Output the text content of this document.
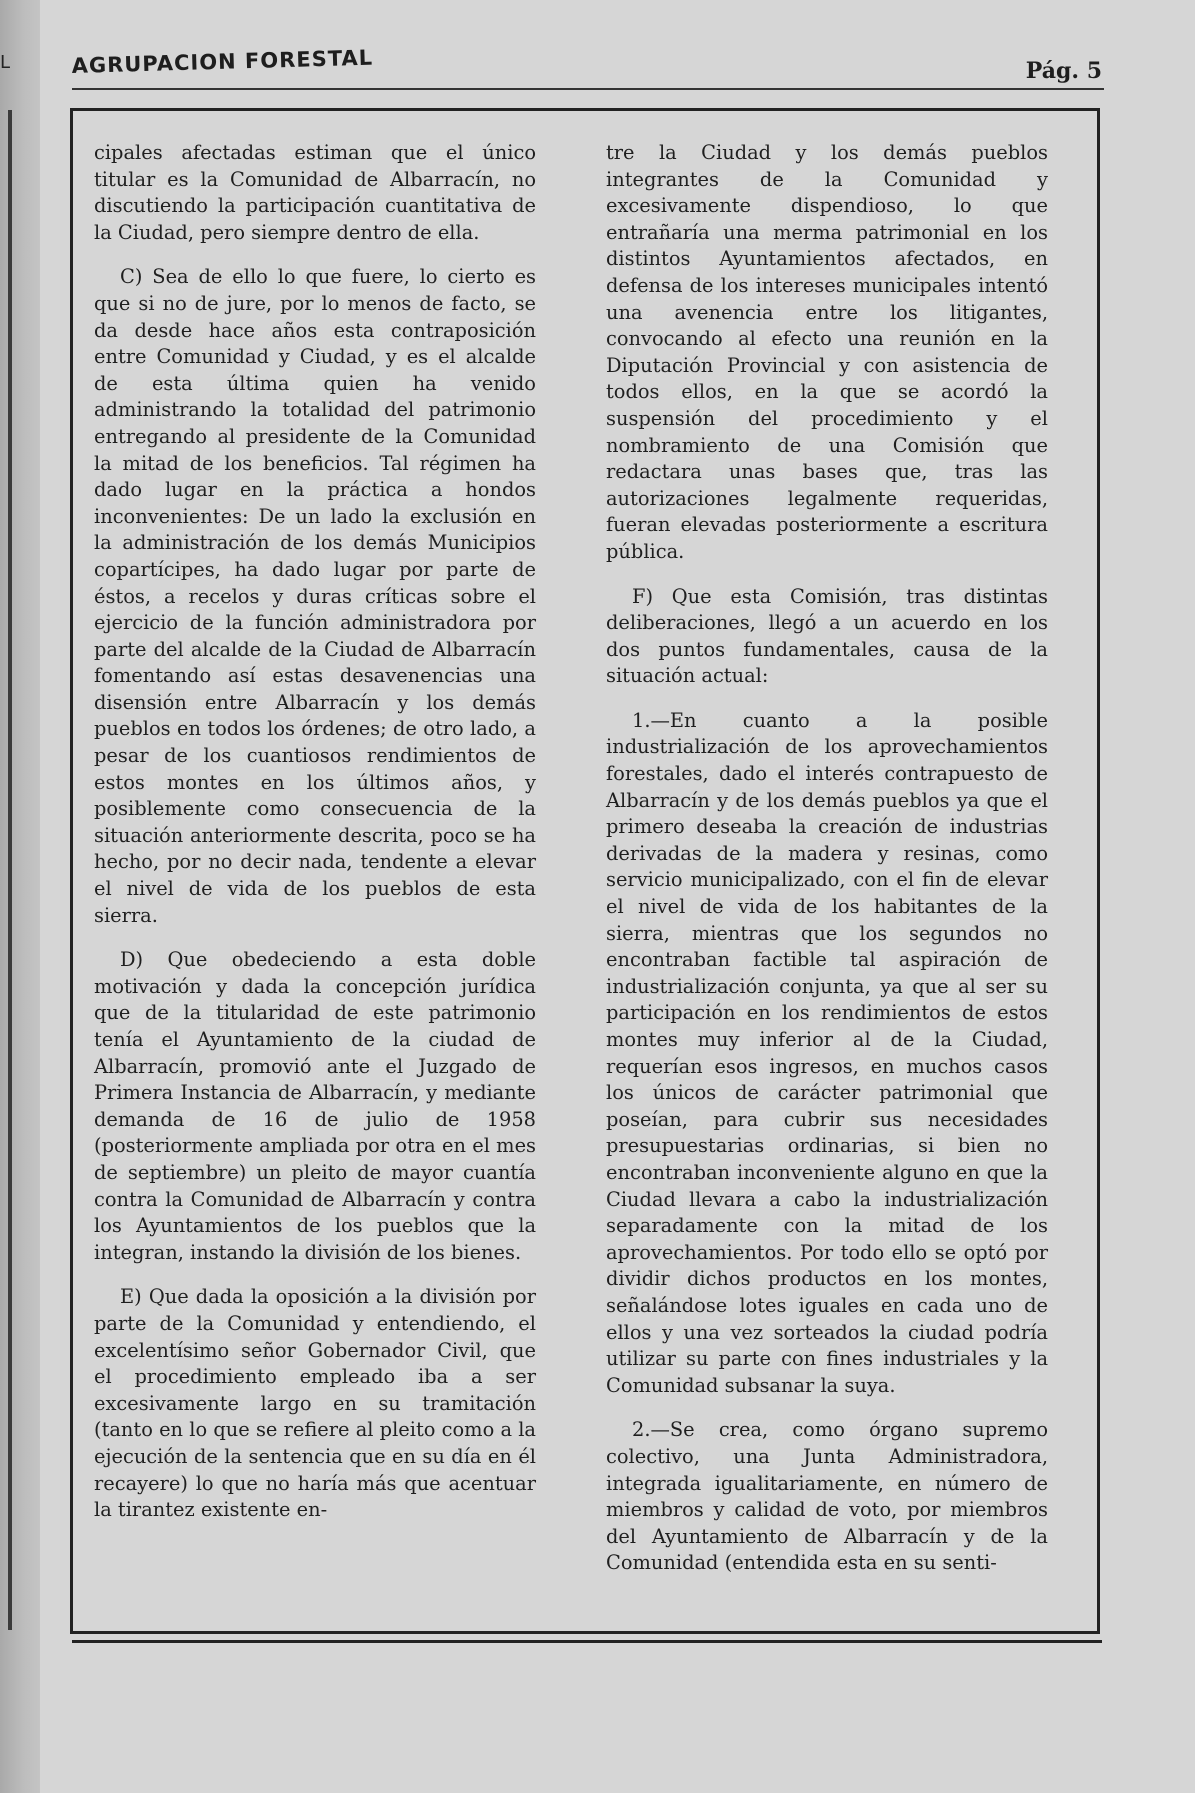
L	AGRUPACION FORESTAL	Pág. 5

cipales afectadas estiman que el único titular es la Comunidad de Albarracín, no discutiendo la participación cuantitativa de la Ciudad, pero siempre dentro de ella.

C) Sea de ello lo que fuere, lo cierto es que si no de jure, por lo menos de facto, se da desde hace años esta contraposición entre Comunidad y Ciudad, y es el alcalde de esta última quien ha venido administrando la totalidad del patrimonio entregando al presidente de la Comunidad la mitad de los beneficios. Tal régimen ha dado lugar en la práctica a hondos inconvenientes: De un lado la exclusión en la administración de los demás Municipios copartícipes, ha dado lugar por parte de éstos, a recelos y duras críticas sobre el ejercicio de la función administradora por parte del alcalde de la Ciudad de Albarracín fomentando así estas desavenencias una disensión entre Albarracín y los demás pueblos en todos los órdenes; de otro lado, a pesar de los cuantiosos rendimientos de estos montes en los últimos años, y posiblemente como consecuencia de la situación anteriormente descrita, poco se ha hecho, por no decir nada, tendente a elevar el nivel de vida de los pueblos de esta sierra.

D) Que obedeciendo a esta doble motivación y dada la concepción jurídica que de la titularidad de este patrimonio tenía el Ayuntamiento de la ciudad de Albarracín, promovió ante el Juzgado de Primera Instancia de Albarracín, y mediante demanda de 16 de julio de 1958 (posteriormente ampliada por otra en el mes de septiembre) un pleito de mayor cuantía contra la Comunidad de Albarracín y contra los Ayuntamientos de los pueblos que la integran, instando la división de los bienes.

E) Que dada la oposición a la división por parte de la Comunidad y entendiendo, el excelentísimo señor Gobernador Civil, que el procedimiento empleado iba a ser excesivamente largo en su tramitación (tanto en lo que se refiere al pleito como a la ejecución de la sentencia que en su día en él recayere) lo que no haría más que acentuar la tirantez existente en-

tre la Ciudad y los demás pueblos integrantes de la Comunidad y excesivamente dispendioso, lo que entrañaría una merma patrimonial en los distintos Ayuntamientos afectados, en defensa de los intereses municipales intentó una avenencia entre los litigantes, convocando al efecto una reunión en la Diputación Provincial y con asistencia de todos ellos, en la que se acordó la suspensión del procedimiento y el nombramiento de una Comisión que redactara unas bases que, tras las autorizaciones legalmente requeridas, fueran elevadas posteriormente a escritura pública.

F) Que esta Comisión, tras distintas deliberaciones, llegó a un acuerdo en los dos puntos fundamentales, causa de la situación actual:

1.—En cuanto a la posible industrialización de los aprovechamientos forestales, dado el interés contrapuesto de Albarracín y de los demás pueblos ya que el primero deseaba la creación de industrias derivadas de la madera y resinas, como servicio municipalizado, con el fin de elevar el nivel de vida de los habitantes de la sierra, mientras que los segundos no encontraban factible tal aspiración de industrialización conjunta, ya que al ser su participación en los rendimientos de estos montes muy inferior al de la Ciudad, requerían esos ingresos, en muchos casos los únicos de carácter patrimonial que poseían, para cubrir sus necesidades presupuestarias ordinarias, si bien no encontraban inconveniente alguno en que la Ciudad llevara a cabo la industrialización separadamente con la mitad de los aprovechamientos. Por todo ello se optó por dividir dichos productos en los montes, señalándose lotes iguales en cada uno de ellos y una vez sorteados la ciudad podría utilizar su parte con fines industriales y la Comunidad subsanar la suya.

2.—Se crea, como órgano supremo colectivo, una Junta Administradora, integrada igualitariamente, en número de miembros y calidad de voto, por miembros del Ayuntamiento de Albarracín y de la Comunidad (entendida esta en su senti-
